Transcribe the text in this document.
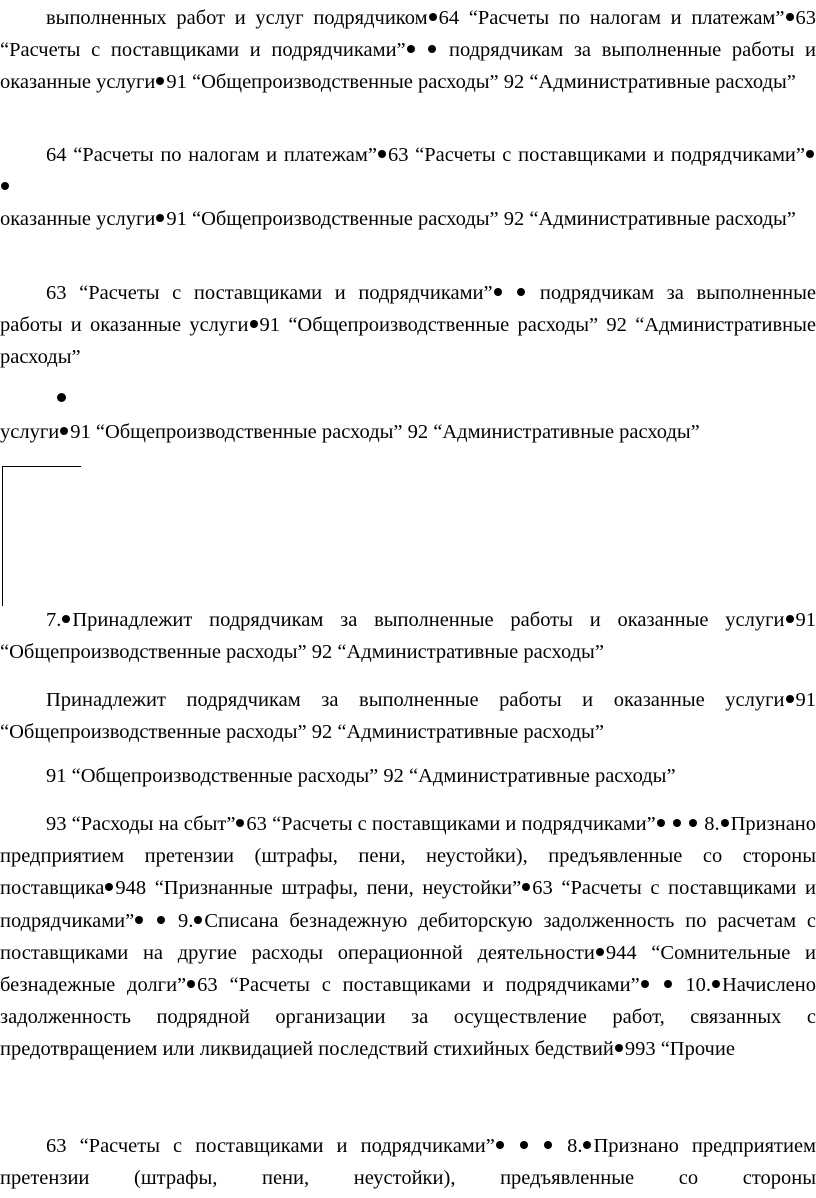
выполненных работ и услуг подрядчиком 64 “Расчеты по налогам и платежам” 63 “Расчеты с поставщиками и подрядчиками” подрядчикам за выполненные работы и оказанные услуги 91 “Общепроизводственные расходы” 92 “Административные расходы”

64 “Расчеты по налогам и платежам” 63 “Расчеты с поставщиками и подрядчиками”
оказанные услуги 91 “Общепроизводственные расходы” 92 “Административные расходы”

63 “Расчеты с поставщиками и подрядчиками” подрядчикам за выполненные работы и оказанные услуги 91 “Общепроизводственные расходы” 92 “Административные расходы”

услуги 91 “Общепроизводственные расходы” 92 “Административные расходы”

7. Принадлежит подрядчикам за выполненные работы и оказанные услуги 91 “Общепроизводственные расходы” 92 “Административные расходы”

Принадлежит подрядчикам за выполненные работы и оказанные услуги 91 “Общепроизводственные расходы” 92 “Административные расходы”

91 “Общепроизводственные расходы” 92 “Административные расходы”

93 “Расходы на сбыт” 63 “Расчеты с поставщиками и подрядчиками” 8. Признано предприятием претензии (штрафы, пени, неустойки), предъявленные со стороны поставщика 948 “Признанные штрафы, пени, неустойки” 63 “Расчеты с поставщиками и подрядчиками” 9. Списана безнадежную дебиторскую задолженность по расчетам с поставщиками на другие расходы операционной деятельности 944 “Сомнительные и безнадежные долги” 63 “Расчеты с поставщиками и подрядчиками” 10. Начислено задолженность подрядной организации за осуществление работ, связанных с предотвращением или ликвидацией последствий стихийных бедствий 993 “Прочие

63 “Расчеты с поставщиками и подрядчиками”	8. Признано предприятием претензии (штрафы, пени, неустойки), предъявленные со стороны
